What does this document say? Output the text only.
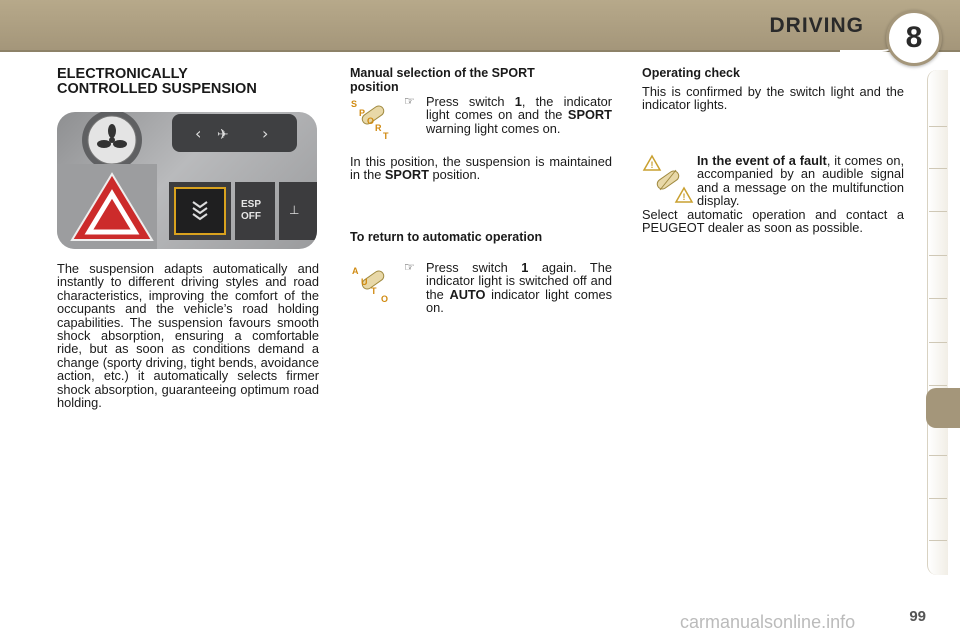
DRIVING 8

ELECTRONICALLY
CONTROLLED SUSPENSION

‹ ✈ ›
ESP
OFF ⊥

The suspension adapts automatically and instantly to different driving styles and road characteristics, improving the comfort of the occupants and the vehicle’s road holding capabilities. The suspension favours smooth shock absorption, ensuring a comfortable ride, but as soon as conditions demand a change (sporty driving, tight bends, avoidance action, etc.) it automatically selects firmer shock absorption, guaranteeing optimum road holding.

Manual selection of the SPORT
position

S
P
O
R
T
☞ Press switch 1, the indicator light comes on and the SPORT warning light comes on.

In this position, the suspension is maintained in the SPORT position.

To return to automatic operation

A
U
T
O
☞ Press switch 1 again. The indicator light is switched off and the AUTO indicator light comes on.

Operating check

This is confirmed by the switch light and the indicator lights.

!
!

In the event of a fault, it comes on, accompanied by an audible signal and a message on the multifunction display.

Select automatic operation and contact a PEUGEOT dealer as soon as possible.

carmanualsonline.info	99
